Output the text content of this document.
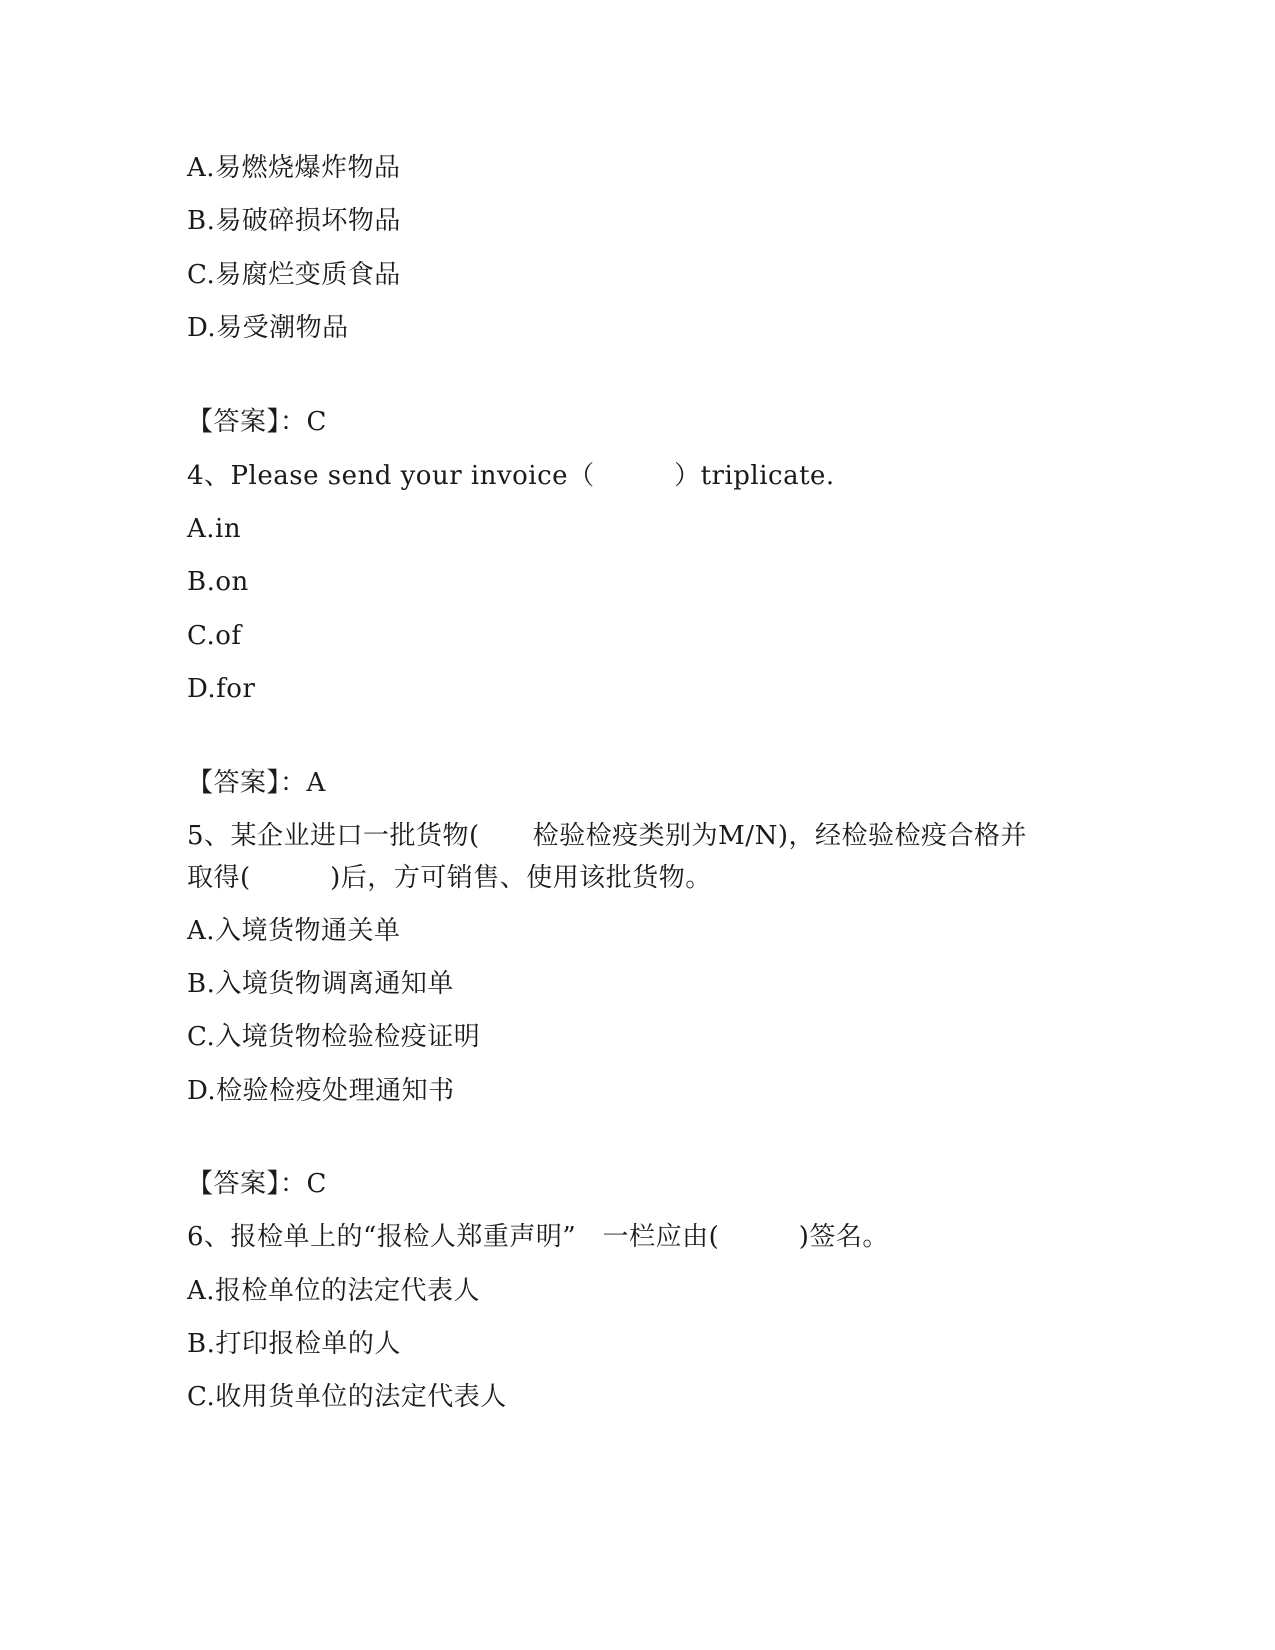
A.易燃烧爆炸物品
B.易破碎损坏物品
C.易腐烂变质食品
D.易受潮物品
【答案】：C
4、Please send your invoice（　　　）triplicate.
A.in
B.on
C.of
D.for
【答案】：A
5、某企业进口一批货物(　　检验检疫类别为M/N)，经检验检疫合格并
取得(　　　)后，方可销售、使用该批货物。
A.入境货物通关单
B.入境货物调离通知单
C.入境货物检验检疫证明
D.检验检疫处理通知书
【答案】：C
6、报检单上的“报检人郑重声明”　一栏应由(　　　)签名。
A.报检单位的法定代表人
B.打印报检单的人
C.收用货单位的法定代表人
